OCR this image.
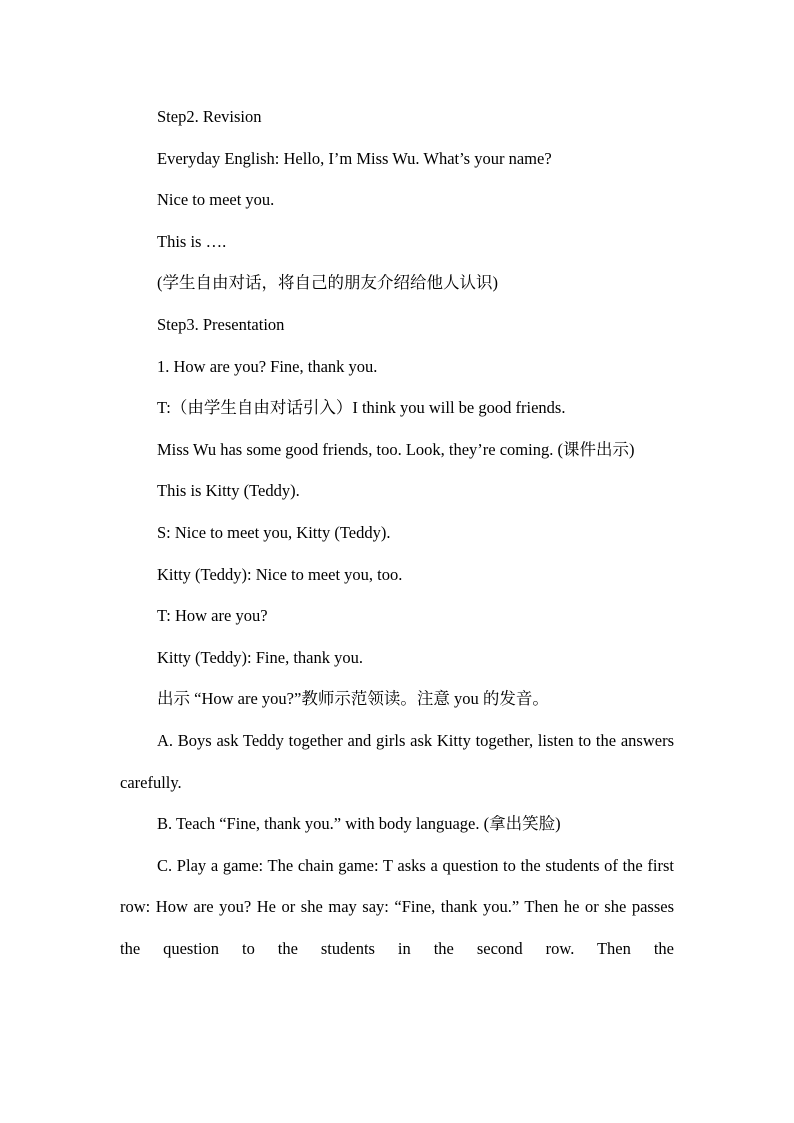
Step2. Revision

Everyday English: Hello, I’m Miss Wu. What’s your name?

Nice to meet you.

This is ….

(学生自由对话，将自己的朋友介绍给他人认识)

Step3. Presentation

1. How are you? Fine, thank you.

T:（由学生自由对话引入）I think you will be good friends.

Miss Wu has some good friends, too. Look, they’re coming. (课件出示)

This is Kitty (Teddy).

S: Nice to meet you, Kitty (Teddy).

Kitty (Teddy): Nice to meet you, too.

T: How are you?

Kitty (Teddy): Fine, thank you.

出示 “How are you?”教师示范领读。注意 you 的发音。

A. Boys ask Teddy together and girls ask Kitty together, listen to the answers carefully.

B. Teach “Fine, thank you.” with body language. (拿出笑脸)

C. Play a game: The chain game: T asks a question to the students of the first row: How are you? He or she may say: “Fine, thank you.” Then he or she passes the question to the students in the second row. Then the
